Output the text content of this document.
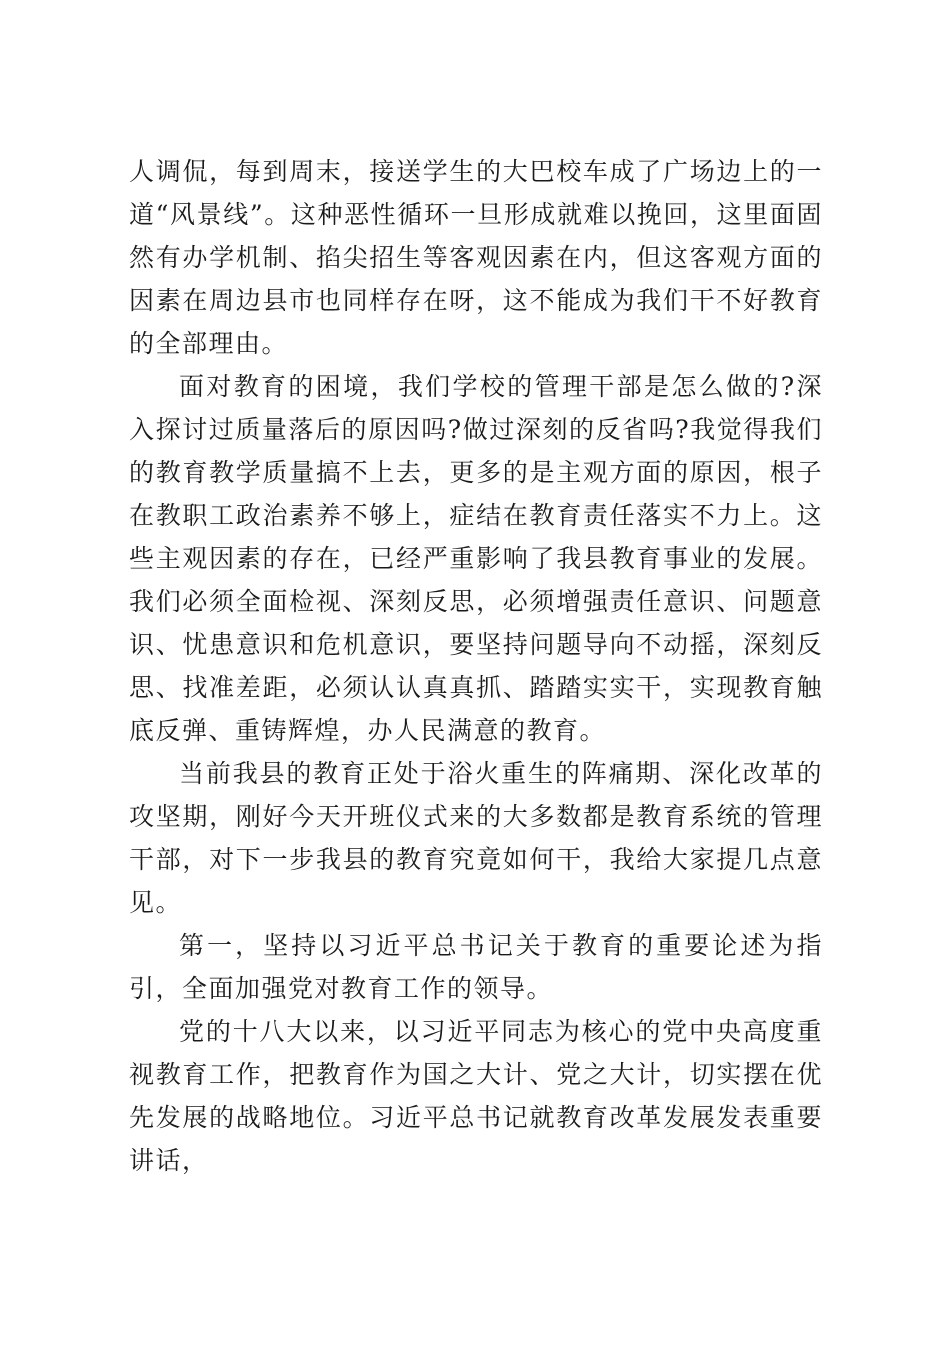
人调侃，每到周末，接送学生的大巴校车成了广场边上的一道“风景线”。这种恶性循环一旦形成就难以挽回，这里面固然有办学机制、掐尖招生等客观因素在内，但这客观方面的因素在周边县市也同样存在呀，这不能成为我们干不好教育的全部理由。

面对教育的困境，我们学校的管理干部是怎么做的?深入探讨过质量落后的原因吗?做过深刻的反省吗?我觉得我们的教育教学质量搞不上去，更多的是主观方面的原因，根子在教职工政治素养不够上，症结在教育责任落实不力上。这些主观因素的存在，已经严重影响了我县教育事业的发展。我们必须全面检视、深刻反思，必须增强责任意识、问题意识、忧患意识和危机意识，要坚持问题导向不动摇，深刻反思、找准差距，必须认认真真抓、踏踏实实干，实现教育触底反弹、重铸辉煌，办人民满意的教育。

当前我县的教育正处于浴火重生的阵痛期、深化改革的攻坚期，刚好今天开班仪式来的大多数都是教育系统的管理干部，对下一步我县的教育究竟如何干，我给大家提几点意见。

第一，坚持以习近平总书记关于教育的重要论述为指引，全面加强党对教育工作的领导。

党的十八大以来，以习近平同志为核心的党中央高度重视教育工作，把教育作为国之大计、党之大计，切实摆在优先发展的战略地位。习近平总书记就教育改革发展发表重要讲话，
